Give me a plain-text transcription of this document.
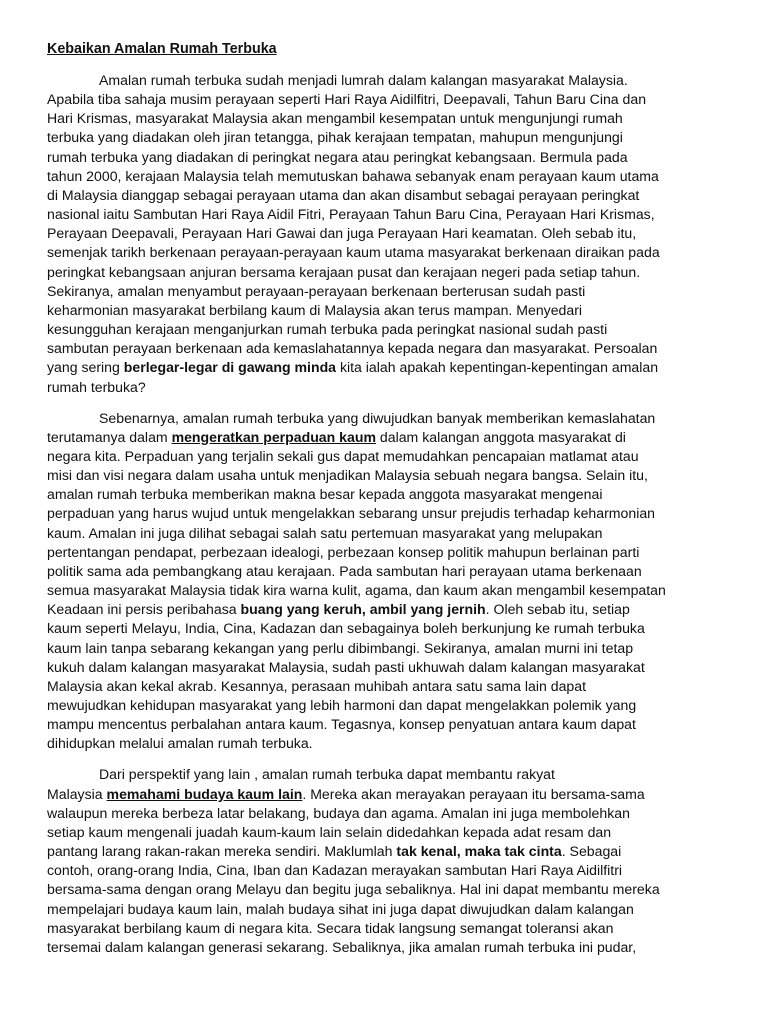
Kebaikan Amalan Rumah Terbuka
Amalan rumah terbuka sudah menjadi lumrah dalam kalangan masyarakat Malaysia.
Apabila tiba sahaja musim perayaan seperti Hari Raya Aidilfitri, Deepavali, Tahun Baru Cina dan
Hari Krismas, masyarakat Malaysia akan mengambil kesempatan untuk mengunjungi rumah
terbuka yang diadakan oleh jiran tetangga, pihak kerajaan tempatan, mahupun mengunjungi
rumah terbuka yang diadakan di peringkat negara atau peringkat kebangsaan. Bermula pada
tahun 2000, kerajaan Malaysia telah memutuskan bahawa sebanyak enam perayaan kaum utama
di Malaysia dianggap sebagai perayaan utama dan akan disambut sebagai perayaan peringkat
nasional iaitu Sambutan Hari Raya Aidil Fitri, Perayaan Tahun Baru Cina, Perayaan Hari Krismas,
Perayaan Deepavali, Perayaan Hari Gawai dan juga Perayaan Hari keamatan. Oleh sebab itu,
semenjak tarikh berkenaan perayaan-perayaan kaum utama masyarakat berkenaan diraikan pada
peringkat kebangsaan anjuran bersama kerajaan pusat dan kerajaan negeri pada setiap tahun.
Sekiranya, amalan menyambut perayaan-perayaan berkenaan berterusan sudah pasti
keharmonian masyarakat berbilang kaum di Malaysia akan terus mampan. Menyedari
kesungguhan kerajaan menganjurkan rumah terbuka pada peringkat nasional sudah pasti
sambutan perayaan berkenaan ada kemaslahatannya kepada negara dan masyarakat. Persoalan
yang sering berlegar-legar di gawang minda kita ialah apakah kepentingan-kepentingan amalan
rumah terbuka?
Sebenarnya, amalan rumah terbuka yang diwujudkan banyak memberikan kemaslahatan
terutamanya dalam mengeratkan perpaduan kaum dalam kalangan anggota masyarakat di
negara kita. Perpaduan yang terjalin sekali gus dapat memudahkan pencapaian matlamat atau
misi dan visi negara dalam usaha untuk menjadikan Malaysia sebuah negara bangsa. Selain itu,
amalan rumah terbuka memberikan makna besar kepada anggota masyarakat mengenai
perpaduan yang harus wujud untuk mengelakkan sebarang unsur prejudis terhadap keharmonian
kaum. Amalan ini juga dilihat sebagai salah satu pertemuan masyarakat yang melupakan
pertentangan pendapat, perbezaan idealogi, perbezaan konsep politik mahupun berlainan parti
politik sama ada pembangkang atau kerajaan. Pada sambutan hari perayaan utama berkenaan
semua masyarakat Malaysia tidak kira warna kulit, agama, dan kaum akan mengambil kesempatan
Keadaan ini persis peribahasa buang yang keruh, ambil yang jernih. Oleh sebab itu, setiap
kaum seperti Melayu, India, Cina, Kadazan dan sebagainya boleh berkunjung ke rumah terbuka
kaum lain tanpa sebarang kekangan yang perlu dibimbangi. Sekiranya, amalan murni ini tetap
kukuh dalam kalangan masyarakat Malaysia, sudah pasti ukhuwah dalam kalangan masyarakat
Malaysia akan kekal akrab. Kesannya, perasaan muhibah antara satu sama lain dapat
mewujudkan kehidupan masyarakat yang lebih harmoni dan dapat mengelakkan polemik yang
mampu mencentus perbalahan antara kaum. Tegasnya, konsep penyatuan antara kaum dapat
dihidupkan melalui amalan rumah terbuka.
Dari perspektif yang lain , amalan rumah terbuka dapat membantu rakyat
Malaysia memahami budaya kaum lain. Mereka akan merayakan perayaan itu bersama-sama
walaupun mereka berbeza latar belakang, budaya dan agama. Amalan ini juga membolehkan
setiap kaum mengenali juadah kaum-kaum lain selain didedahkan kepada adat resam dan
pantang larang rakan-rakan mereka sendiri. Maklumlah tak kenal, maka tak cinta. Sebagai
contoh, orang-orang India, Cina, Iban dan Kadazan merayakan sambutan Hari Raya Aidilfitri
bersama-sama dengan orang Melayu dan begitu juga sebaliknya. Hal ini dapat membantu mereka
mempelajari budaya kaum lain, malah budaya sihat ini juga dapat diwujudkan dalam kalangan
masyarakat berbilang kaum di negara kita. Secara tidak langsung semangat toleransi akan
tersemai dalam kalangan generasi sekarang. Sebaliknya, jika amalan rumah terbuka ini pudar,
